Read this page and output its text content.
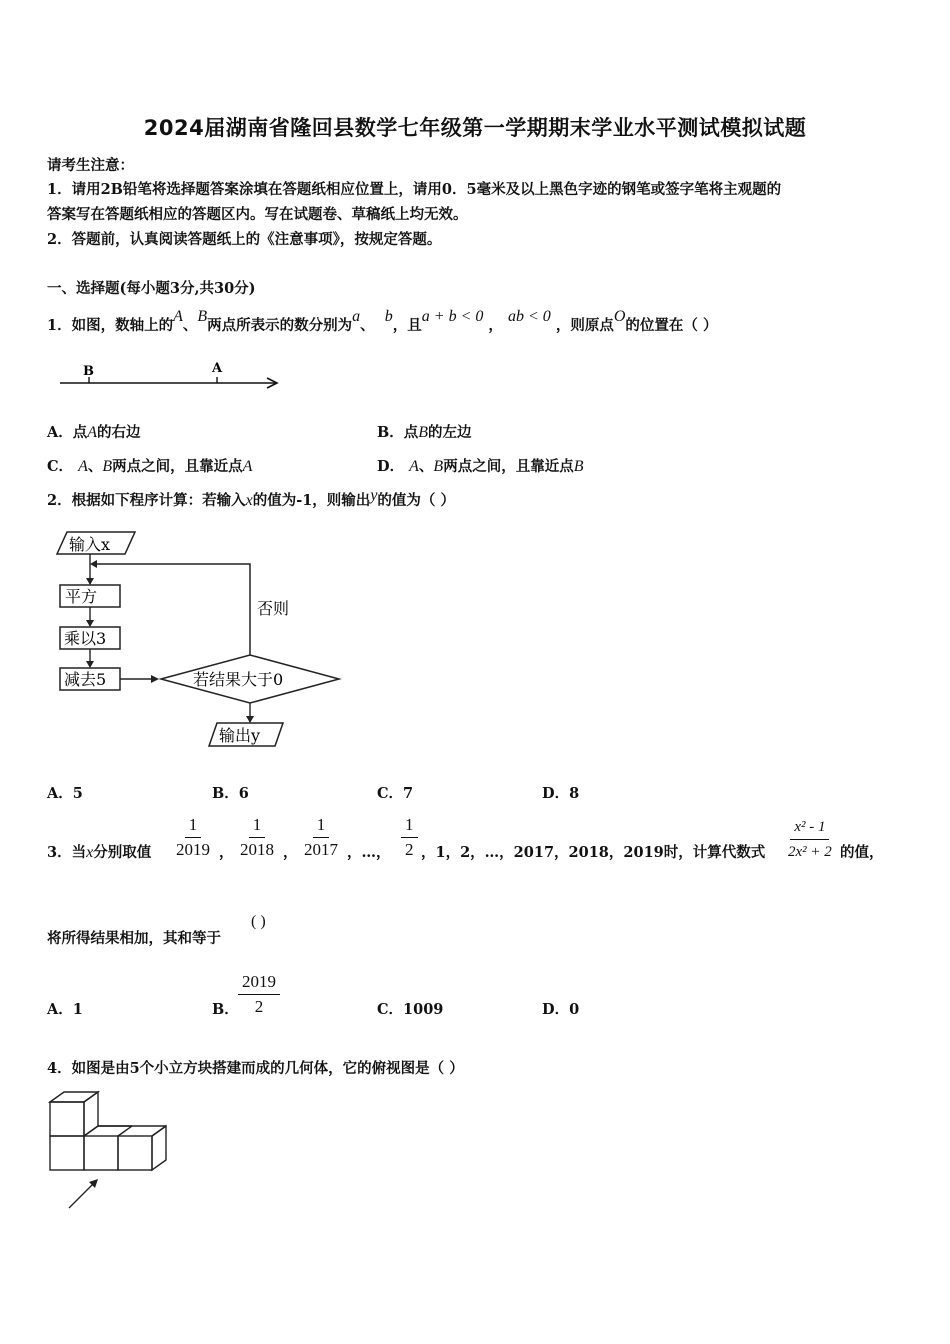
2024届湖南省隆回县数学七年级第一学期期末学业水平测试模拟试题
请考生注意：
1．请用2B铅笔将选择题答案涂填在答题纸相应位置上，请用0．5毫米及以上黑色字迹的钢笔或签字笔将主观题的
答案写在答题纸相应的答题区内。写在试题卷、草稿纸上均无效。
2．答题前，认真阅读答题纸上的《注意事项》，按规定答题。
一、选择题(每小题3分,共30分)
1．如图，数轴上的A、B两点所表示的数分别为a、  b，且a + b < 0 ， ab < 0 ，则原点O的位置在（ ）
B	A
A．点A的右边	B．点B的左边
C． A、B两点之间，且靠近点A	D． A、B两点之间，且靠近点B
2．根据如下程序计算：若输入x的值为-1，则输出y的值为（ ）
输入x
否则
平方
乘以3
减去5	若结果大于0
输出y
A．5	B．6	C．7	D．8
3．当x分别取值 $\frac{1}{2019}$ ， $\frac{1}{2018}$ ， $\frac{1}{2017}$ ，…， $\frac{1}{2}$ ，1，2，…，2017，2018，2019时，计算代数式 $\frac{\text{x² - 1}}{\text{2x² + 2}}$ 的值，
将所得结果相加，其和等于
( )
A．1	B． $\frac{2019}{2}$	C．1009	D．0
4．如图是由5个小立方块搭建而成的几何体，它的俯视图是（ ）
